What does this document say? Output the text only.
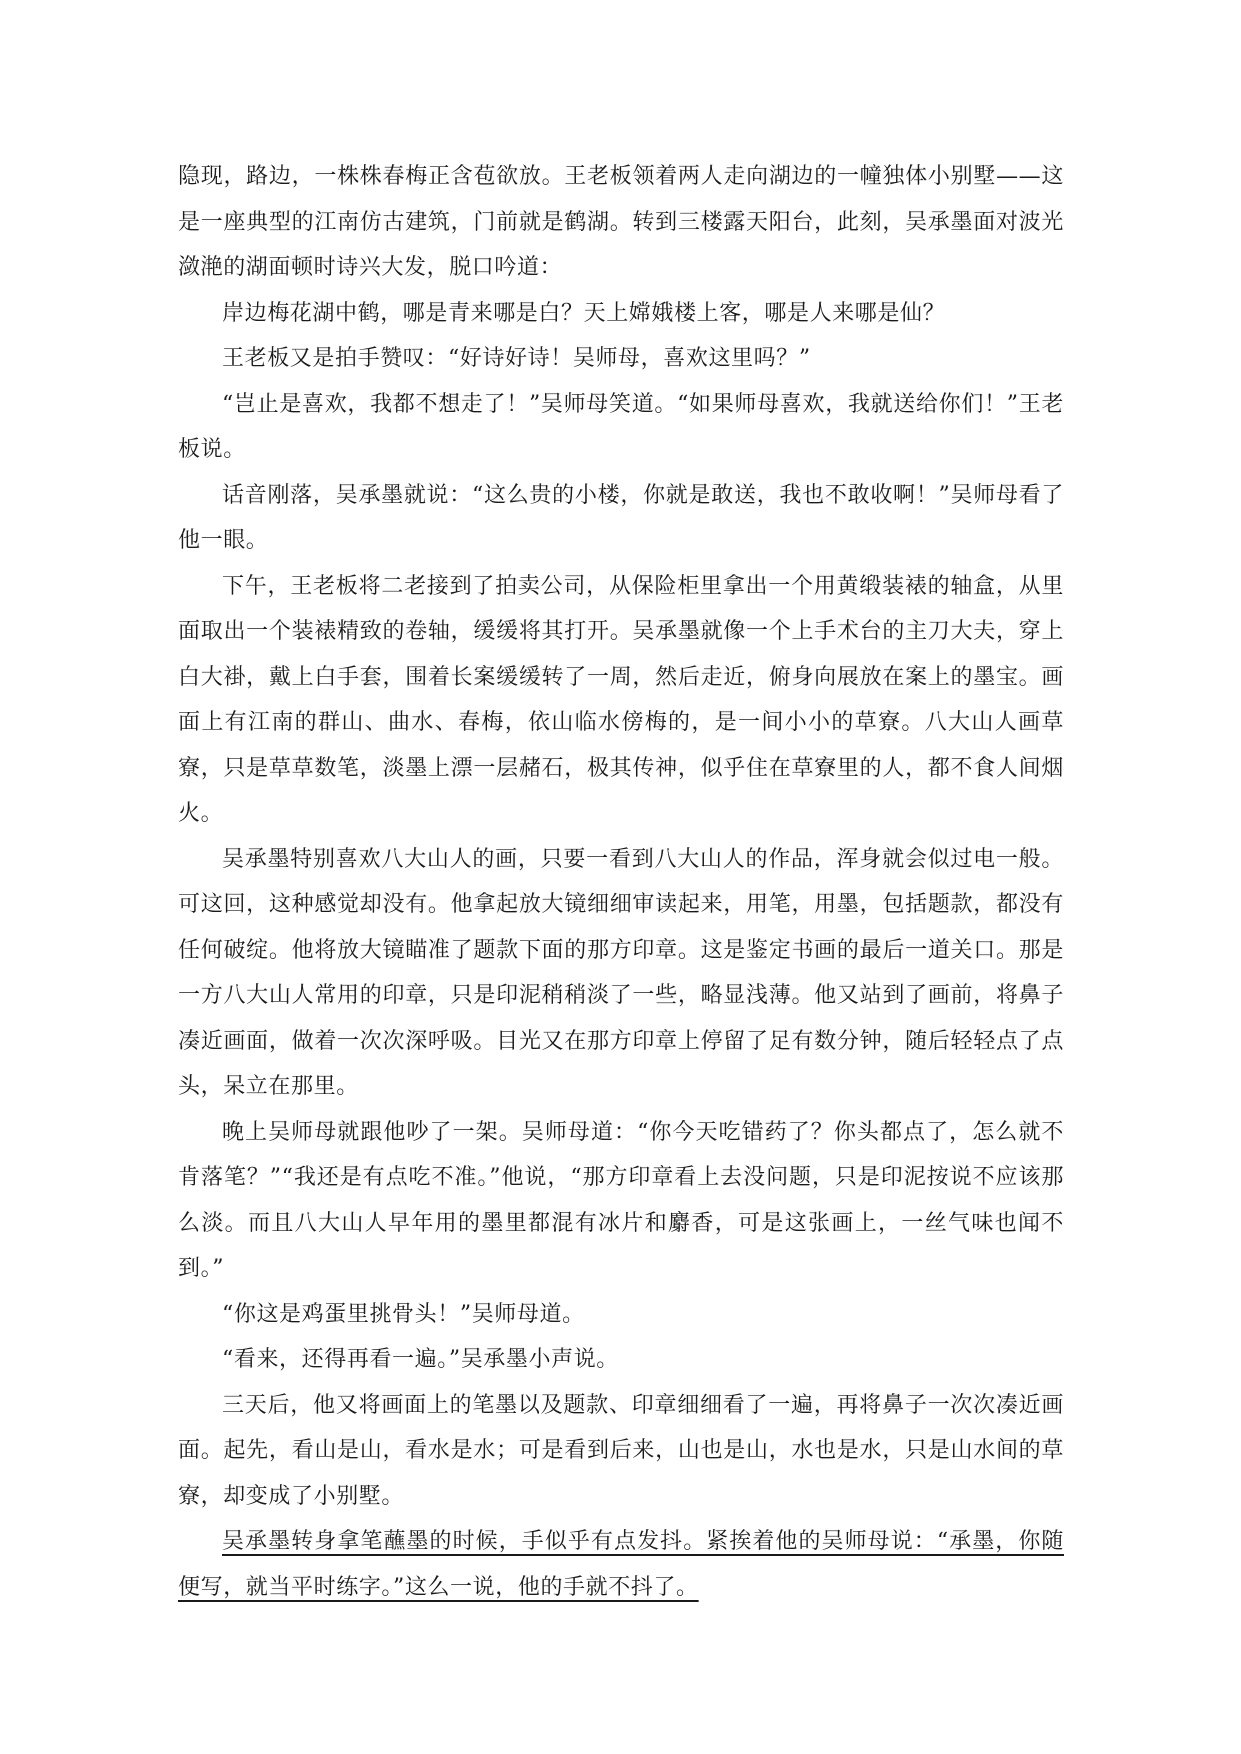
隐现，路边，一株株春梅正含苞欲放。王老板领着两人走向湖边的一幢独体小别墅——这是一座典型的江南仿古建筑，门前就是鹤湖。转到三楼露天阳台，此刻，吴承墨面对波光潋滟的湖面顿时诗兴大发，脱口吟道：

岸边梅花湖中鹤，哪是青来哪是白？天上嫦娥楼上客，哪是人来哪是仙？

王老板又是拍手赞叹：“好诗好诗！吴师母，喜欢这里吗？”

“岂止是喜欢，我都不想走了！”吴师母笑道。“如果师母喜欢，我就送给你们！”王老板说。

话音刚落，吴承墨就说：“这么贵的小楼，你就是敢送，我也不敢收啊！”吴师母看了他一眼。

下午，王老板将二老接到了拍卖公司，从保险柜里拿出一个用黄缎装裱的轴盒，从里面取出一个装裱精致的卷轴，缓缓将其打开。吴承墨就像一个上手术台的主刀大夫，穿上白大褂，戴上白手套，围着长案缓缓转了一周，然后走近，俯身向展放在案上的墨宝。画面上有江南的群山、曲水、春梅，依山临水傍梅的，是一间小小的草寮。八大山人画草寮，只是草草数笔，淡墨上漂一层赭石，极其传神，似乎住在草寮里的人，都不食人间烟火。

吴承墨特别喜欢八大山人的画，只要一看到八大山人的作品，浑身就会似过电一般。可这回，这种感觉却没有。他拿起放大镜细细审读起来，用笔，用墨，包括题款，都没有任何破绽。他将放大镜瞄准了题款下面的那方印章。这是鉴定书画的最后一道关口。那是一方八大山人常用的印章，只是印泥稍稍淡了一些，略显浅薄。他又站到了画前，将鼻子凑近画面，做着一次次深呼吸。目光又在那方印章上停留了足有数分钟，随后轻轻点了点头，呆立在那里。

晚上吴师母就跟他吵了一架。吴师母道：“你今天吃错药了？你头都点了，怎么就不肯落笔？”“我还是有点吃不准。”他说，“那方印章看上去没问题，只是印泥按说不应该那么淡。而且八大山人早年用的墨里都混有冰片和麝香，可是这张画上，一丝气味也闻不到。”

“你这是鸡蛋里挑骨头！”吴师母道。

“看来，还得再看一遍。”吴承墨小声说。

三天后，他又将画面上的笔墨以及题款、印章细细看了一遍，再将鼻子一次次凑近画面。起先，看山是山，看水是水；可是看到后来，山也是山，水也是水，只是山水间的草寮，却变成了小别墅。

吴承墨转身拿笔蘸墨的时候，手似乎有点发抖。紧挨着他的吴师母说：“承墨，你随便写，就当平时练字。”这么一说，他的手就不抖了。
